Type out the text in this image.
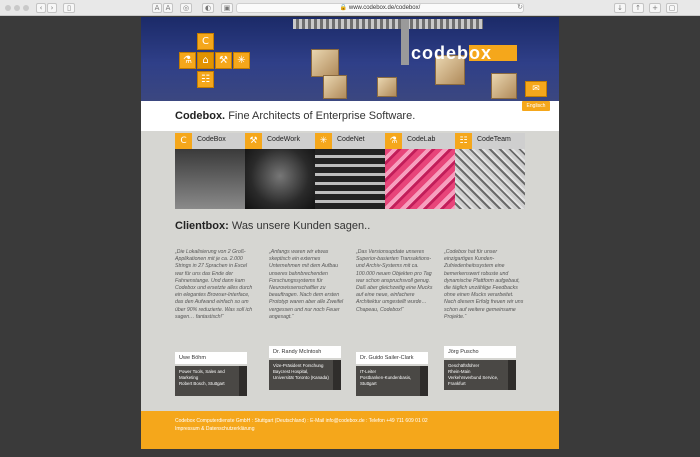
‹	›	▯	A A	◎	◐	▣	🔒 www.codebox.de/codebox/	↻	↑	+	▢
↓
C
⚗	⌂	⚒ ✳
☷
codebox
✉
Englisch
Codebox. Fine Architects of Enterprise Software.
C	CodeBox	⚒	CodeWork	✳	CodeNet	⚗	CodeLab	☷	CodeTeam
Clientbox: Was unsere Kunden sagen..
„Die Lokalisierung von 2 Groß-Applikationen mit je ca. 2.000 Strings in 27 Sprachen in Excel war für uns das Ende der Fahnenstange. Und dann kam Codebox und ersetzte alles durch ein elegantes Browser-Interface, das den Aufwand einfach so um über 90% reduzierte. Was soll ich sagen… fantastisch!“
„Anfangs waren wir etwas skeptisch ein externes Unternehmen mit dem Aufbau unseres bahnbrechenden Forschungssystems für Neurowissenschaftler zu beauftragen. Nach dem ersten Prototyp waren aber alle Zweifel vergessen und nur noch Feuer angesagt.“
„Das Versionsupdate unseres Superior-basierten Transaktions- und Archiv-Systems mit ca. 100.000 neuen Objekten pro Tag war schon anspruchsvoll genug. Daß aber gleichzeitig eine Mucks auf eine neue, einfachere Architektur umgestellt wurde… Chapeau, Codebox!“
„Codebox hat für unser einzigartiges Kunden-Zufriedenheitssystem eine bemerkenswert robuste und dynamische Plattform aufgebaut, die täglich unzählige Feedbacks ohne einen Mucks verarbeitet. Nach diesem Erfolg freuen wir uns schon auf weitere gemeinsame Projekte.“
Uwe Böhm
Dr. Randy McIntosh
Dr. Guido Sailer-Clark
Jörg Puscho
Power Tools, Sales and
Marketing
Robert Bosch, Stuttgart
Vize-Präsident Forschung
Baycrest Hospital, Universität Toronto (Kanada)
IT-Leiter
Postbanken-Kundenbasis, Stuttgart
Geschäftsführer
Rhein-Main Verkehrsverbund Service, Frankfurt
Codebox Computerdienste GmbH : Stuttgart (Deutschland) : E-Mail info@codebox.de : Telefon +49 711 609 01 02
Impressum & Datenschutzerklärung
